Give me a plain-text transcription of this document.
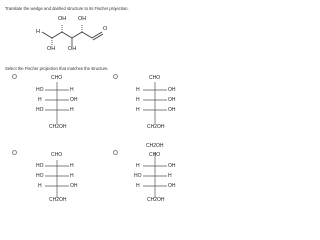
Translate the wedge and dashed structure to its Fischer projection.
OH OH
H	O
OH OH
Select the Fischer projection that matches the structure.
CHO
HO	H
H	OH
HO	H
CH2OH
CHO
H	OH
H	OH
H	OH
CH2OH
CHO
HO	H
HO	H
H	OH
CH2OH
CH2OH
CHO
H	OH
HO	H
H	OH
CH2OH
